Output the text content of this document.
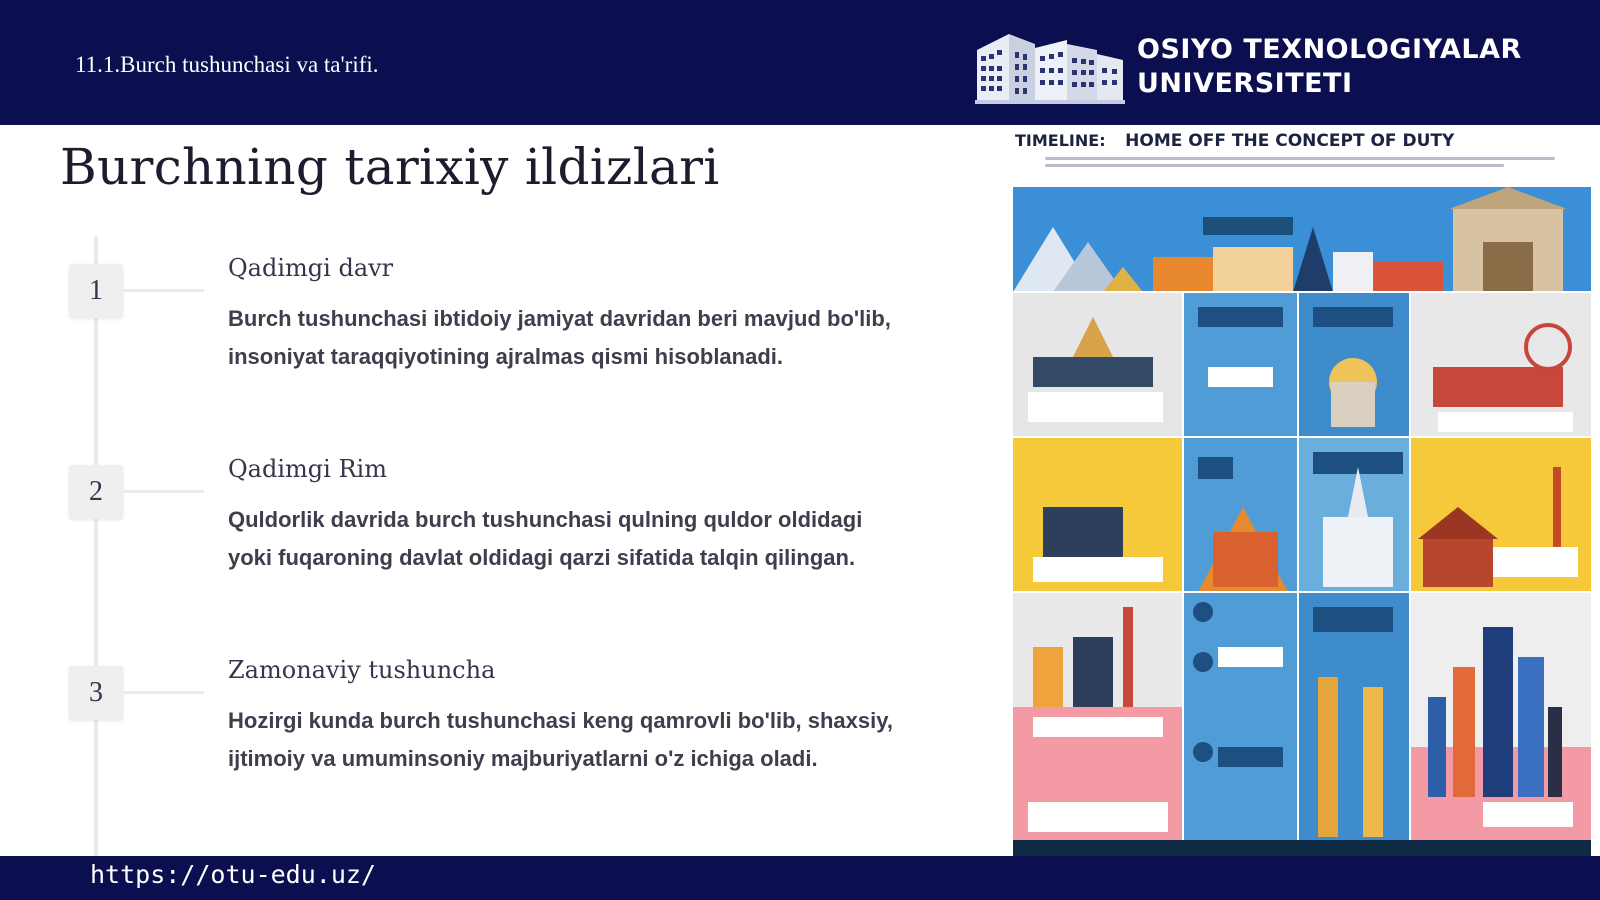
11.1.Burch tushunchasi va ta'rifi.	OSIYO TEXNOLOGIYALAR
UNIVERSITETI
Burchning tarixiy ildizlari
1
Qadimgi davr
Burch tushunchasi ibtidoiy jamiyat davridan beri mavjud bo'lib, insoniyat taraqqiyotining ajralmas qismi hisoblanadi.
2
Qadimgi Rim
Quldorlik davrida burch tushunchasi qulning quldor oldidagi yoki fuqaroning davlat oldidagi qarzi sifatida talqin qilingan.
3
Zamonaviy tushuncha
Hozirgi kunda burch tushunchasi keng qamrovli bo'lib, shaxsiy, ijtimoiy va umuminsoniy majburiyatlarni o'z ichiga oladi.
TIMELINE: HOME OFF THE CONCEPT OF DUTY
https://otu-edu.uz/
